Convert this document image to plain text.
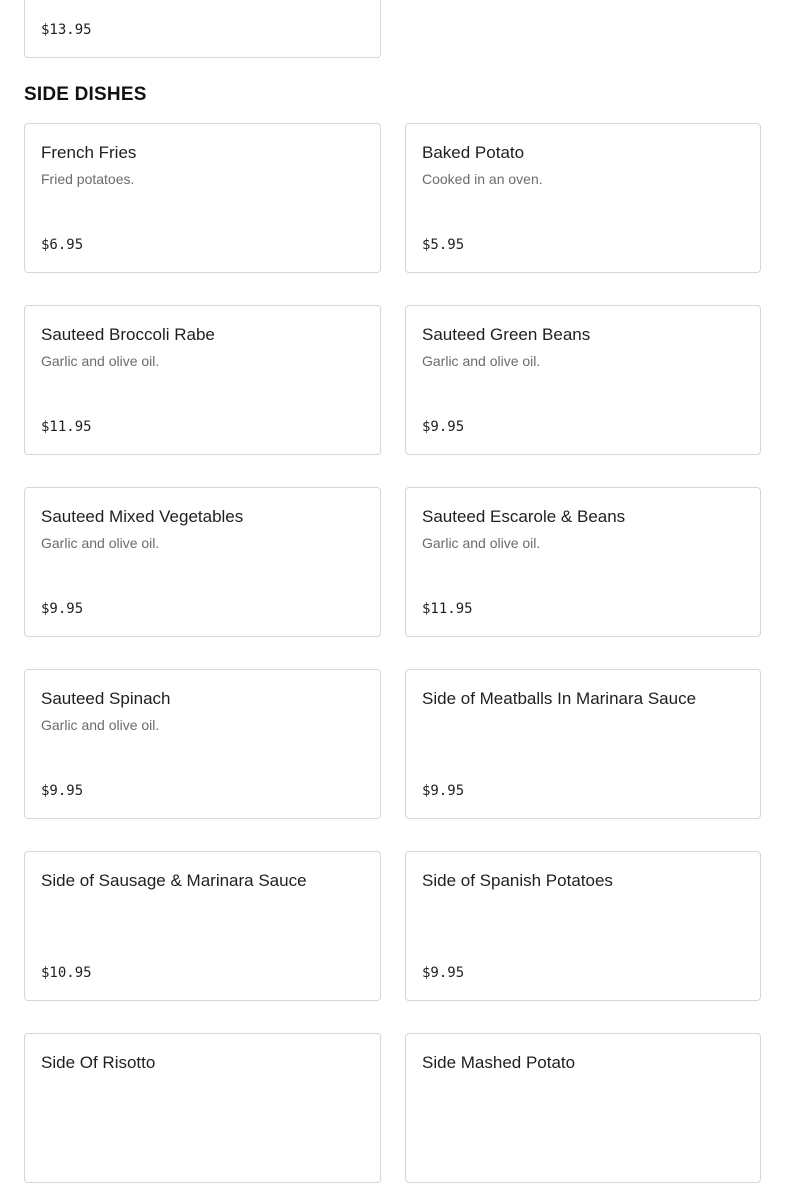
$13.95
SIDE DISHES
French Fries
Fried potatoes.
$6.95
Baked Potato
Cooked in an oven.
$5.95
Sauteed Broccoli Rabe
Garlic and olive oil.
$11.95
Sauteed Green Beans
Garlic and olive oil.
$9.95
Sauteed Mixed Vegetables
Garlic and olive oil.
$9.95
Sauteed Escarole & Beans
Garlic and olive oil.
$11.95
Sauteed Spinach
Garlic and olive oil.
$9.95
Side of Meatballs In Marinara Sauce
$9.95
Side of Sausage & Marinara Sauce
$10.95
Side of Spanish Potatoes
$9.95
Side Of Risotto	Side Mashed Potato
